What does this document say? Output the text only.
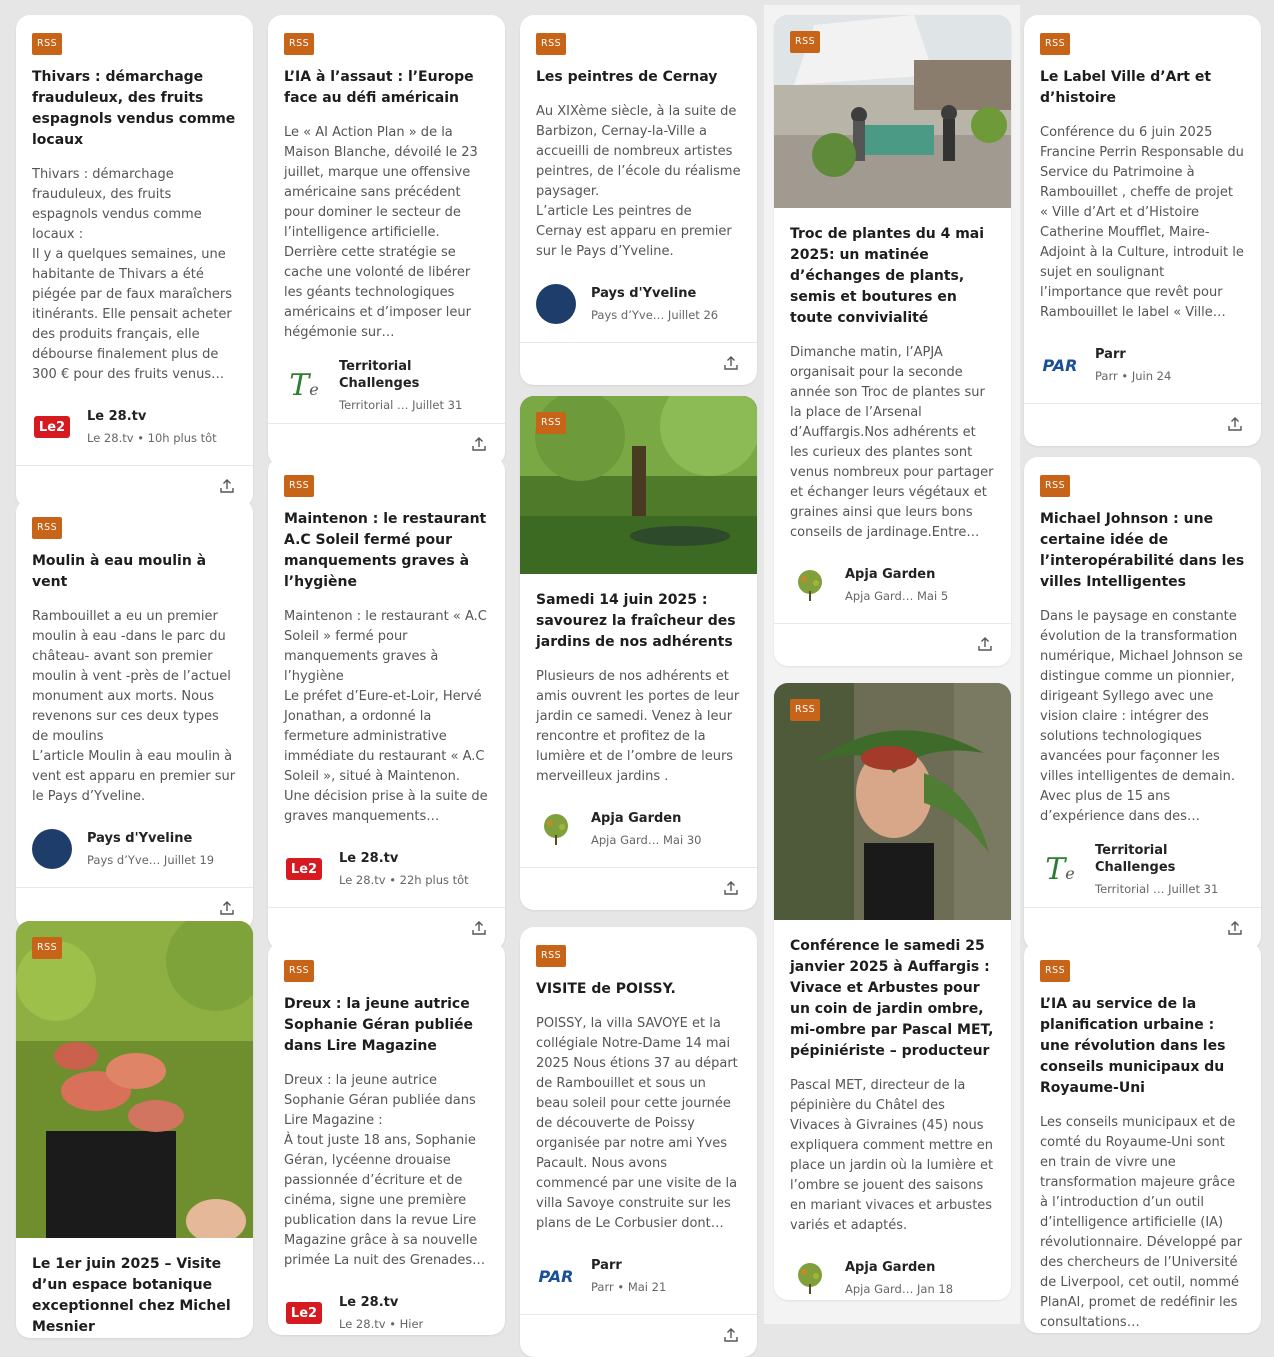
RSS
Thivars : démarchage frauduleux, des fruits espagnols vendus comme locaux
Thivars : démarchage frauduleux, des fruits espagnols vendus comme locaux :
Il y a quelques semaines, une habitante de Thivars a été piégée par de faux maraîchers itinérants. Elle pensait acheter des produits français, elle débourse finalement plus de 300 € pour des fruits venus…
Le2
Le 28.tv
Le 28.tv • 10h plus tôt
RSS
Moulin à eau moulin à vent
Rambouillet a eu un premier moulin à eau -dans le parc du château- avant son premier moulin à vent -près de l’actuel monument aux morts. Nous revenons sur ces deux types de moulins
L’article Moulin à eau moulin à vent est apparu en premier sur le Pays d’Yveline.
Pays d'Yveline
Pays d’Yve… Juillet 19
RSS
Le 1er juin 2025 – Visite d’un espace botanique exceptionnel chez Michel Mesnier
RSS
L’IA à l’assaut : l’Europe face au défi américain
Le « AI Action Plan » de la Maison Blanche, dévoilé le 23 juillet, marque une offensive américaine sans précédent pour dominer le secteur de l’intelligence artificielle. Derrière cette stratégie se cache une volonté de libérer les géants technologiques américains et d’imposer leur hégémonie sur…
Te
Territorial Challenges
Territorial … Juillet 31
RSS
Maintenon : le restaurant A.C Soleil fermé pour manquements graves à l’hygiène
Maintenon : le restaurant « A.C Soleil » fermé pour manquements graves à l’hygiène
Le préfet d’Eure-et-Loir, Hervé Jonathan, a ordonné la fermeture administrative immédiate du restaurant « A.C Soleil », situé à Maintenon. Une décision prise à la suite de graves manquements…
Le2
Le 28.tv
Le 28.tv • 22h plus tôt
RSS
Dreux : la jeune autrice Sophanie Géran publiée dans Lire Magazine
Dreux : la jeune autrice Sophanie Géran publiée dans Lire Magazine :
À tout juste 18 ans, Sophanie Géran, lycéenne drouaise passionnée d’écriture et de cinéma, signe une première publication dans la revue Lire Magazine grâce à sa nouvelle primée La nuit des Grenades…
Le2
Le 28.tv
Le 28.tv • Hier
RSS
Les peintres de Cernay
Au XIXème siècle, à la suite de Barbizon, Cernay-la-Ville a accueilli de nombreux artistes peintres, de l’école du réalisme paysager.
L’article Les peintres de Cernay est apparu en premier sur le Pays d’Yveline.
Pays d'Yveline
Pays d’Yve… Juillet 26
RSS
Samedi 14 juin 2025 : savourez la fraîcheur des jardins de nos adhérents
Plusieurs de nos adhérents et amis ouvrent les portes de leur jardin ce samedi. Venez à leur rencontre et profitez de la lumière et de l’ombre de leurs merveilleux jardins .
Apja Garden
Apja Gard… Mai 30
RSS
VISITE de POISSY.
POISSY, la villa SAVOYE et la collégiale Notre-Dame 14 mai 2025 Nous étions 37 au départ de Rambouillet et sous un beau soleil pour cette journée de découverte de Poissy organisée par notre ami Yves Pacault. Nous avons commencé par une visite de la villa Savoye construite sur les plans de Le Corbusier dont…
PAR
Parr
Parr • Mai 21
RSS
Troc de plantes du 4 mai 2025: un matinée d’échanges de plants, semis et boutures en toute convivialité
Dimanche matin, l’APJA organisait pour la seconde année son Troc de plantes sur la place de l’Arsenal d’Auffargis.Nos adhérents et les curieux des plantes sont venus nombreux pour partager et échanger leurs végétaux et graines ainsi que leurs bons conseils de jardinage.Entre…
Apja Garden
Apja Gard… Mai 5
RSS
Conférence le samedi 25 janvier 2025 à Auffargis : Vivace et Arbustes pour un coin de jardin ombre, mi-ombre par Pascal MET, pépiniériste – producteur
Pascal MET, directeur de la pépinière du Châtel des Vivaces à Givraines (45) nous expliquera comment mettre en place un jardin où la lumière et l’ombre se jouent des saisons en mariant vivaces et arbustes variés et adaptés.
Apja Garden
Apja Gard… Jan 18
RSS
Le Label Ville d’Art et d’histoire
Conférence du 6 juin 2025 Francine Perrin Responsable du Service du Patrimoine à Rambouillet , cheffe de projet « Ville d’Art et d’Histoire Catherine Moufflet, Maire-Adjoint à la Culture, introduit le sujet en soulignant l’importance que revêt pour Rambouillet le label « Ville…
PAR
Parr
Parr • Juin 24
RSS
Michael Johnson : une certaine idée de l’interopérabilité dans les villes Intelligentes
Dans le paysage en constante évolution de la transformation numérique, Michael Johnson se distingue comme un pionnier, dirigeant Syllego avec une vision claire : intégrer des solutions technologiques avancées pour façonner les villes intelligentes de demain. Avec plus de 15 ans d’expérience dans des…
Te
Territorial Challenges
Territorial … Juillet 31
RSS
L’IA au service de la planification urbaine : une révolution dans les conseils municipaux du Royaume-Uni
Les conseils municipaux et de comté du Royaume-Uni sont en train de vivre une transformation majeure grâce à l’introduction d’un outil d’intelligence artificielle (IA) révolutionnaire. Développé par des chercheurs de l’Université de Liverpool, cet outil, nommé PlanAI, promet de redéfinir les consultations…
